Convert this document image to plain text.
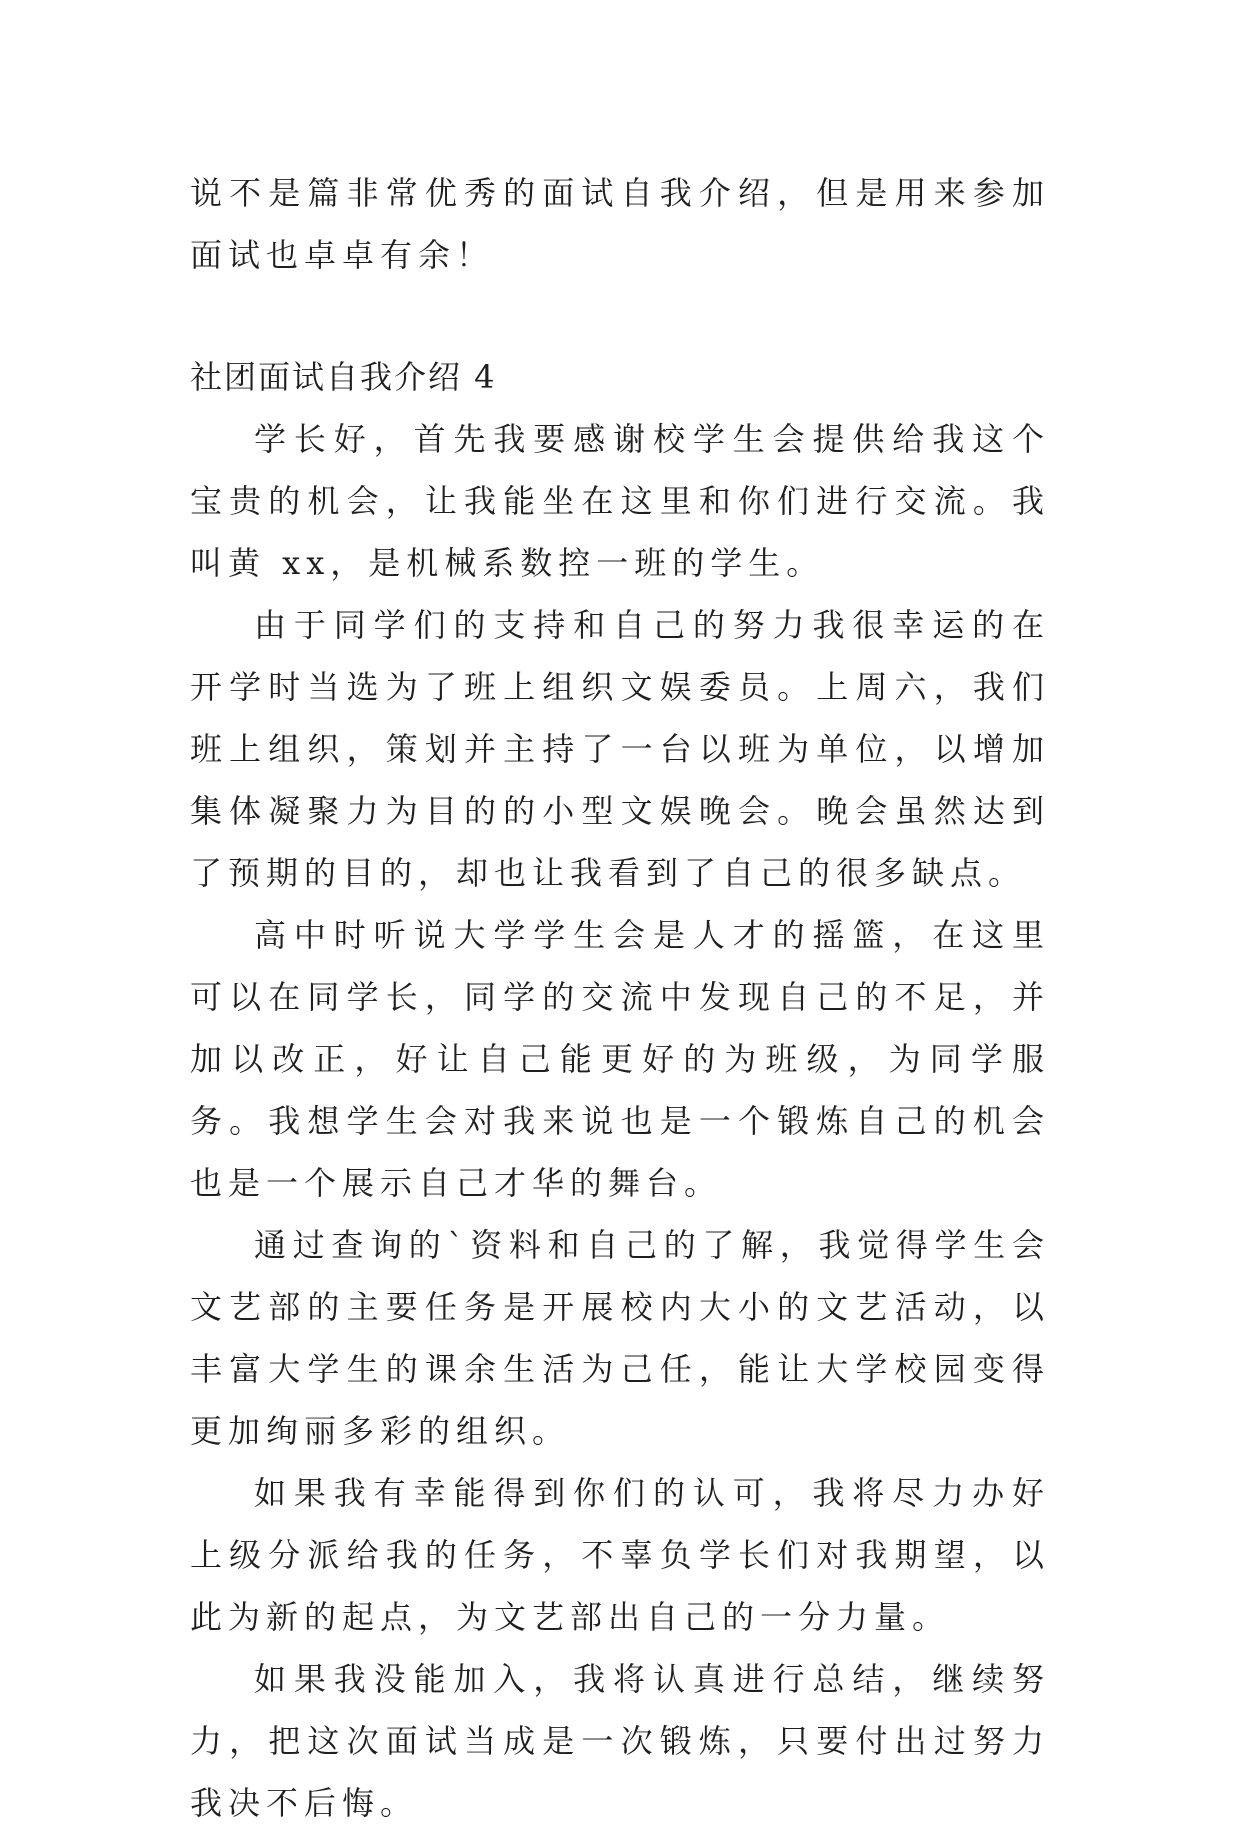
说不是篇非常优秀的面试自我介绍，但是用来参加面试也卓卓有余！

社团面试自我介绍 4

学长好，首先我要感谢校学生会提供给我这个宝贵的机会，让我能坐在这里和你们进行交流。我叫黄 xx，是机械系数控一班的学生。

由于同学们的支持和自己的努力我很幸运的在开学时当选为了班上组织文娱委员。上周六，我们班上组织，策划并主持了一台以班为单位，以增加集体凝聚力为目的的小型文娱晚会。晚会虽然达到了预期的目的，却也让我看到了自己的很多缺点。

高中时听说大学学生会是人才的摇篮，在这里可以在同学长，同学的交流中发现自己的不足，并加以改正，好让自己能更好的为班级，为同学服务。我想学生会对我来说也是一个锻炼自己的机会也是一个展示自己才华的舞台。

通过查询的`资料和自己的了解，我觉得学生会文艺部的主要任务是开展校内大小的文艺活动，以丰富大学生的课余生活为己任，能让大学校园变得更加绚丽多彩的组织。

如果我有幸能得到你们的认可，我将尽力办好上级分派给我的任务，不辜负学长们对我期望，以此为新的起点，为文艺部出自己的一分力量。

如果我没能加入，我将认真进行总结，继续努力，把这次面试当成是一次锻炼，只要付出过努力我决不后悔。
